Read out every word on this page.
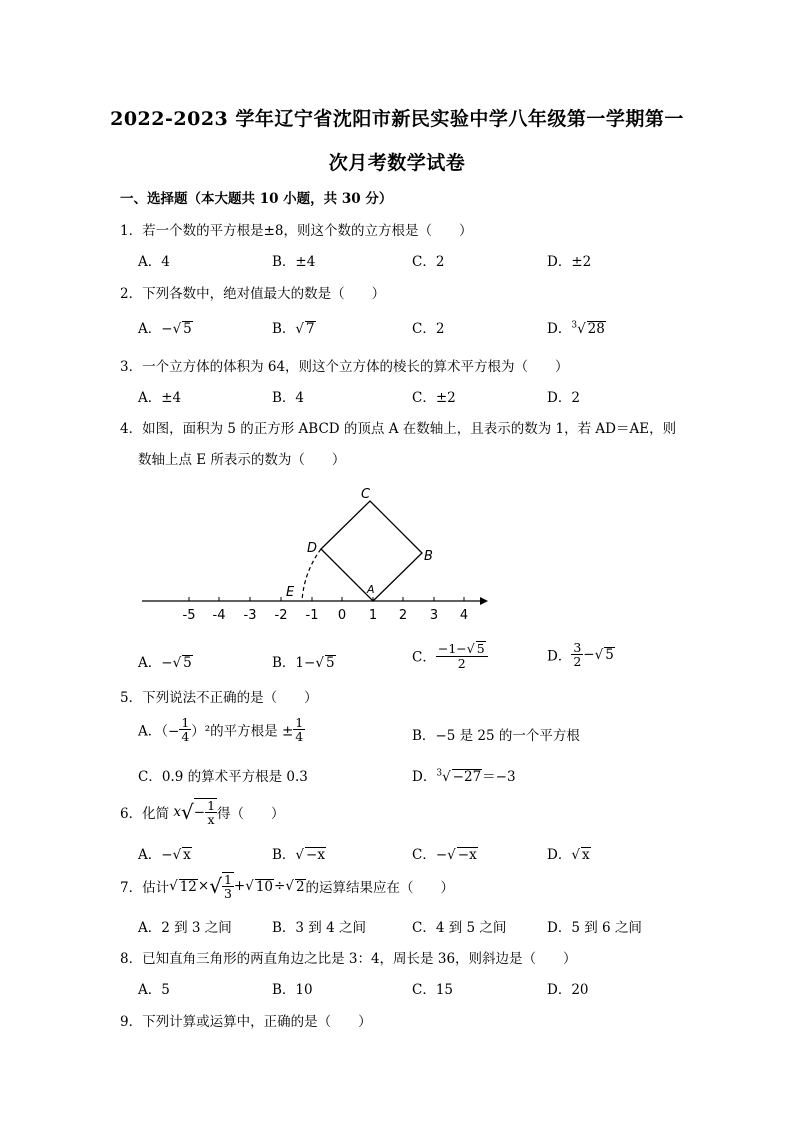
2022-2023 学年辽宁省沈阳市新民实验中学八年级第一学期第一
次月考数学试卷
一、选择题（本大题共 10 小题，共 30 分）
1．若一个数的平方根是±8，则这个数的立方根是（　　）
A．4	B．±4	C．2	D．±2
2．下列各数中，绝对值最大的数是（　　）
A．−√ 5	B．√ 7	C．2	D．$^3$√ 28
3．一个立方体的体积为 64，则这个立方体的棱长的算术平方根为（　　）
A．±4	B．4	C．±2	D．2
4．如图，面积为 5 的正方形 ABCD 的顶点 A 在数轴上，且表示的数为 1，若 AD＝AE，则
数轴上点 E 所表示的数为（　　）
-5 -4 -3 -2 -1 0 1 2 3 4
C
B
D
A
E
A．−√ 5	B．1−√ 5	C． $\frac{-1-√ 5}{2}$	D． $\frac{3}{2}$ −√ 5
5．下列说法不正确的是（　　）
A．（− $\frac{1}{4} )^2$的平方根是 ± $\frac{1}{4}$	B．−5 是 25 的一个平方根
C．0.9 的算术平方根是 0.3	D．$^3$√ −27＝−3
6．化简 $x√- \frac{1}{x}$ 得（　　）
A．−√ x	B．√ −x	C．−√ −x	D．√ x
7．估计√ $12\times√ \frac{1}{3}$ +√ 10÷√ 2的运算结果应在（　　）
A．2 到 3 之间	B．3 到 4 之间	C．4 到 5 之间	D．5 到 6 之间
8．已知直角三角形的两直角边之比是 3：4，周长是 36，则斜边是（　　）
A．5	B．10	C．15	D．20
9．下列计算或运算中，正确的是（　　）
